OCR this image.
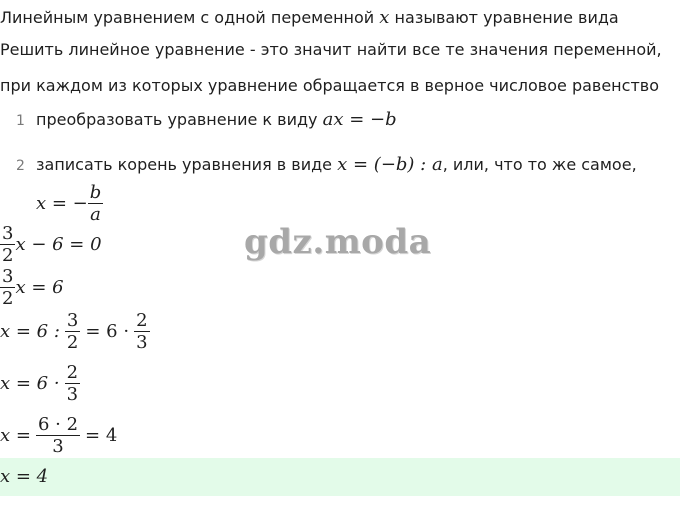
Линейным уравнением с одной переменной x называют уравнение вида
Решить линейное уравнение - это значит найти все те значения переменной,
при каждом из которых уравнение обращается в верное числовое равенство
1 преобразовать уравнение к виду ax = −b
2 записать корень уравнения в виде x = (−b) : a, или, что то же самое,
x = − $\frac{b}{a}$
gdz.moda
$\frac{3}{2}$ x − 6 = 0
$\frac{3}{2}$ x = 6
x = 6 : $\frac{3}{2} = 6 \cdot \frac{2}{3}$
$x = 6 \cdot \frac{2}{3}$
$x = \frac{6 \cdot 2}{3} = 4$
x = 4
